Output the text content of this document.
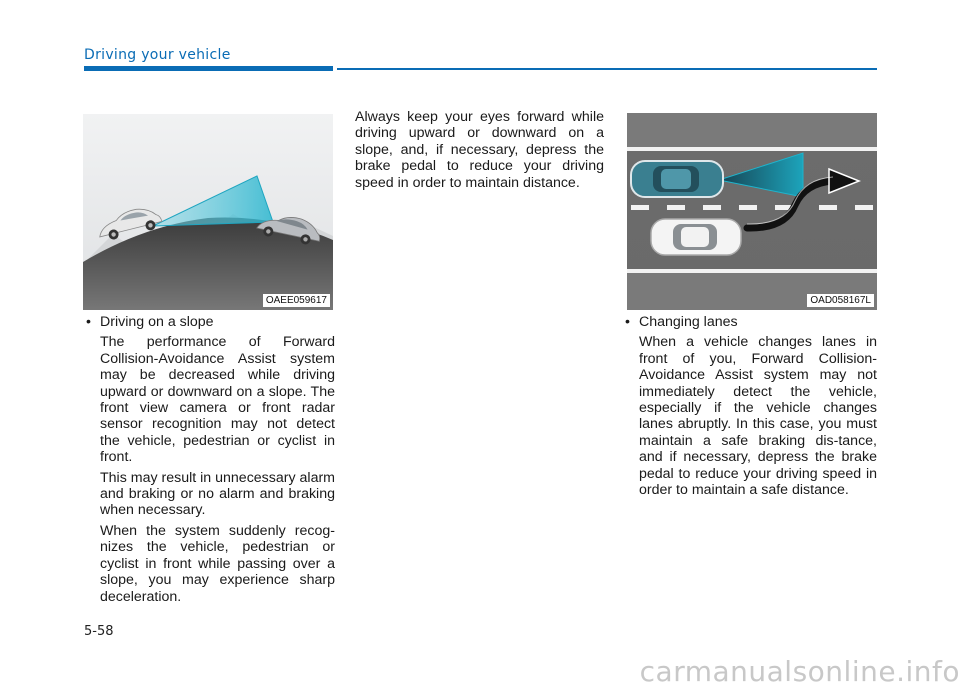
Driving your vehicle
OAEE059617	OAD058167L
• Driving on a slope

The performance of Forward Collision-Avoidance Assist system may be decreased while driving upward or downward on a slope. The front view camera or front radar sensor recognition may not detect the vehicle, pedestrian or cyclist in front.

This may result in unnecessary alarm and braking or no alarm and braking when necessary.

When the system suddenly recog-nizes the vehicle, pedestrian or cyclist in front while passing over a slope, you may experience sharp deceleration.

Always keep your eyes forward while driving upward or downward on a slope, and, if necessary, depress the brake pedal to reduce your driving speed in order to maintain distance.

• Changing lanes

When a vehicle changes lanes in front of you, Forward Collision-Avoidance Assist system may not immediately detect the vehicle, especially if the vehicle changes lanes abruptly. In this case, you must maintain a safe braking dis-tance, and if necessary, depress the brake pedal to reduce your driving speed in order to maintain a safe distance.

5-58
carmanualsonline.info
